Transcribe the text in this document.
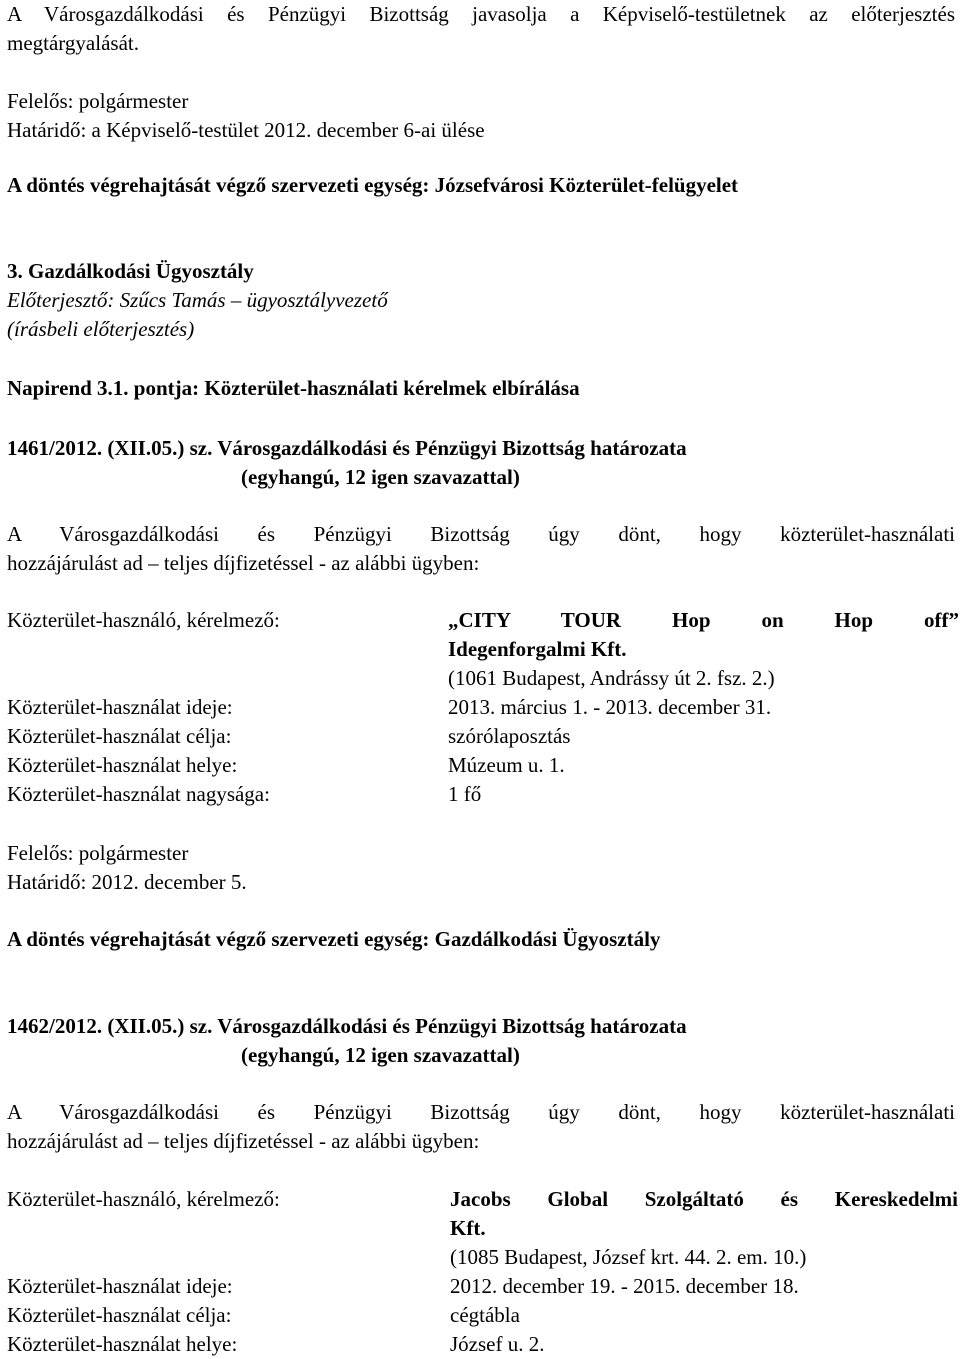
A Városgazdálkodási és Pénzügyi Bizottság javasolja a Képviselő-testületnek az előterjesztés
megtárgyalását.
Felelős: polgármester
Határidő: a Képviselő-testület 2012. december 6-ai ülése
A döntés végrehajtását végző szervezeti egység: Józsefvárosi Közterület-felügyelet
3. Gazdálkodási Ügyosztály
Előterjesztő: Szűcs Tamás – ügyosztályvezető
(írásbeli előterjesztés)
Napirend 3.1. pontja: Közterület-használati kérelmek elbírálása
1461/2012. (XII.05.) sz. Városgazdálkodási és Pénzügyi Bizottság határozata
(egyhangú, 12 igen szavazattal)
A Városgazdálkodási és Pénzügyi Bizottság úgy dönt, hogy közterület-használati
hozzájárulást ad – teljes díjfizetéssel - az alábbi ügyben:
Közterület-használó, kérelmező:	„CITY TOUR Hop on Hop off”
Idegenforgalmi Kft.
(1061 Budapest, Andrássy út 2. fsz. 2.)
Közterület-használat ideje:	2013. március 1. - 2013. december 31.
Közterület-használat célja:	szórólaposztás
Közterület-használat helye:	Múzeum u. 1.
Közterület-használat nagysága:	1 fő
Felelős: polgármester
Határidő: 2012. december 5.
A döntés végrehajtását végző szervezeti egység: Gazdálkodási Ügyosztály
1462/2012. (XII.05.) sz. Városgazdálkodási és Pénzügyi Bizottság határozata
(egyhangú, 12 igen szavazattal)
A Városgazdálkodási és Pénzügyi Bizottság úgy dönt, hogy közterület-használati
hozzájárulást ad – teljes díjfizetéssel - az alábbi ügyben:
Közterület-használó, kérelmező:	Jacobs Global Szolgáltató és Kereskedelmi
Kft.
(1085 Budapest, József krt. 44. 2. em. 10.)
Közterület-használat ideje:	2012. december 19. - 2015. december 18.
Közterület-használat célja:	cégtábla
Közterület-használat helye:	József u. 2.
